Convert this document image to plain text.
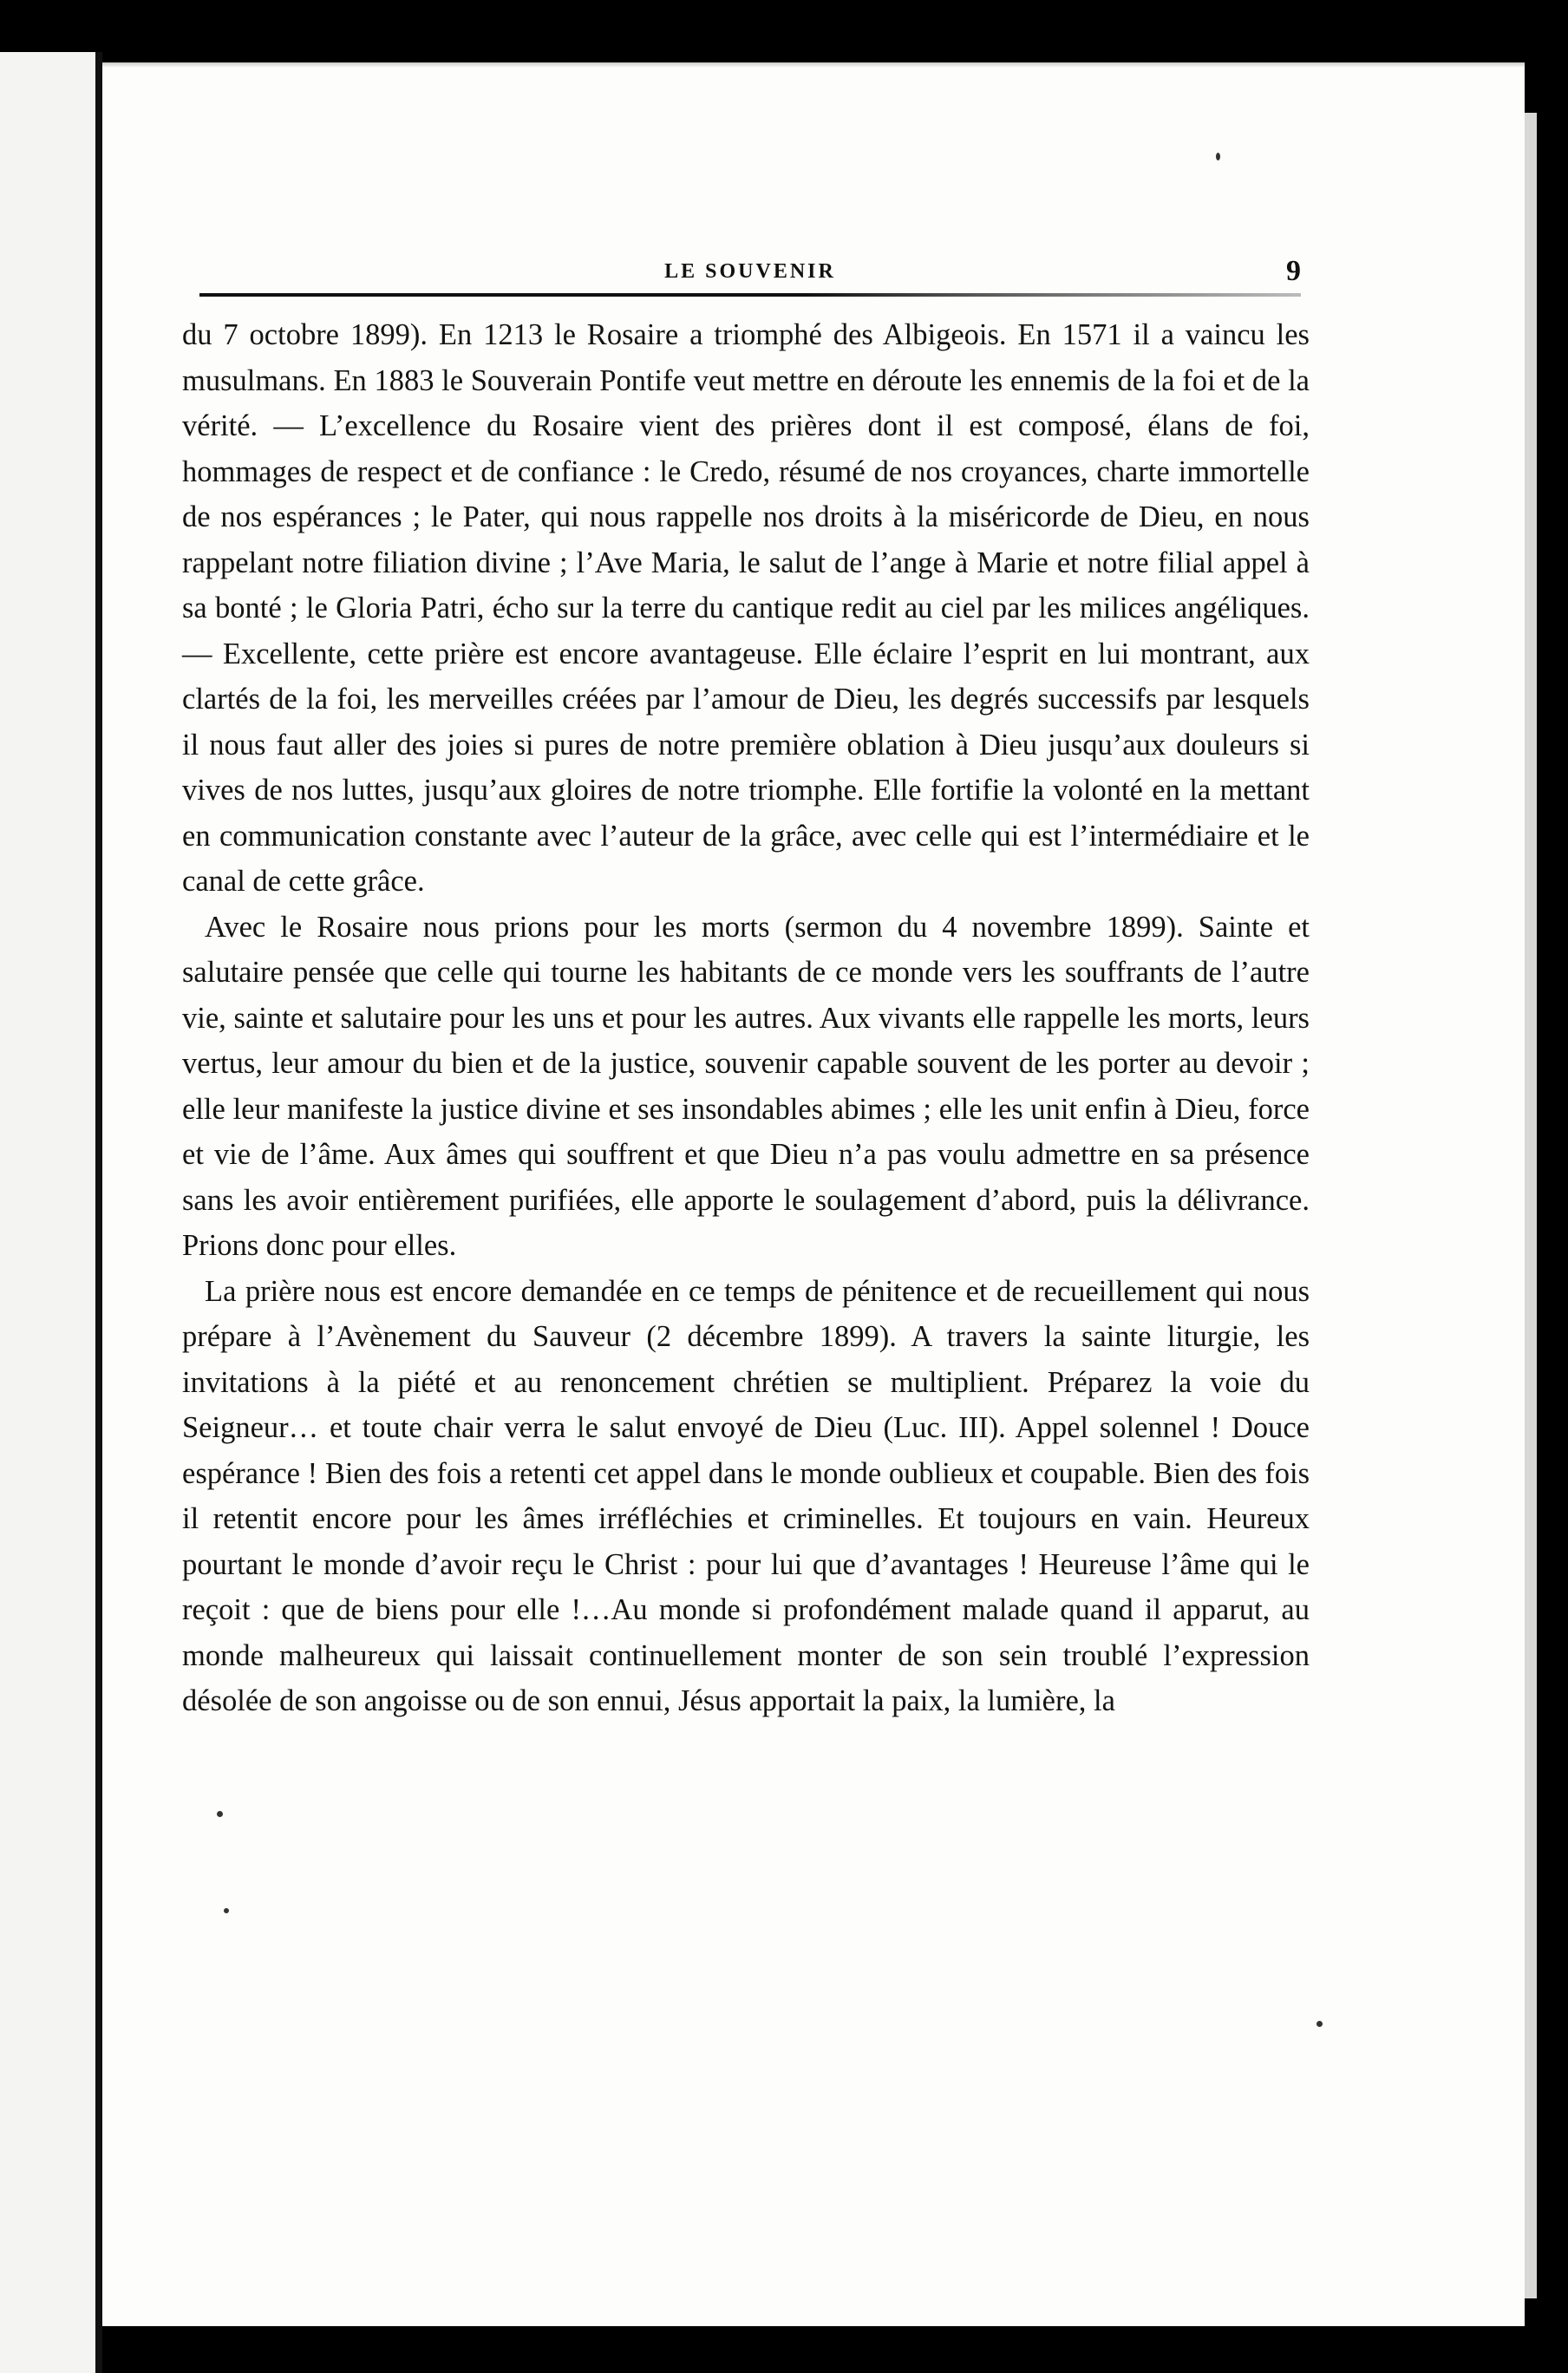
LE SOUVENIR	9

du 7 octobre 1899). En 1213 le Rosaire a triomphé des Albigeois. En 1571 il a vaincu les musulmans. En 1883 le Souverain Pontife veut mettre en déroute les ennemis de la foi et de la vérité. — L’excellence du Rosaire vient des prières dont il est composé, élans de foi, hommages de respect et de confiance : le Credo, résumé de nos croyances, charte immortelle de nos espérances ; le Pater, qui nous rappelle nos droits à la miséricorde de Dieu, en nous rappelant notre filiation divine ; l’Ave Maria, le salut de l’ange à Marie et notre filial appel à sa bonté ; le Gloria Patri, écho sur la terre du cantique redit au ciel par les milices angéliques. — Excellente, cette prière est encore avantageuse. Elle éclaire l’esprit en lui montrant, aux clartés de la foi, les merveilles créées par l’amour de Dieu, les degrés successifs par lesquels il nous faut aller des joies si pures de notre première oblation à Dieu jusqu’aux douleurs si vives de nos luttes, jusqu’aux gloires de notre triomphe. Elle fortifie la volonté en la mettant en communication constante avec l’auteur de la grâce, avec celle qui est l’intermédiaire et le canal de cette grâce.

Avec le Rosaire nous prions pour les morts (sermon du 4 novembre 1899). Sainte et salutaire pensée que celle qui tourne les habitants de ce monde vers les souffrants de l’autre vie, sainte et salutaire pour les uns et pour les autres. Aux vivants elle rappelle les morts, leurs vertus, leur amour du bien et de la justice, souvenir capable souvent de les porter au devoir ; elle leur manifeste la justice divine et ses insondables abimes ; elle les unit enfin à Dieu, force et vie de l’âme. Aux âmes qui souffrent et que Dieu n’a pas voulu admettre en sa présence sans les avoir entièrement purifiées, elle apporte le soulagement d’abord, puis la délivrance. Prions donc pour elles.

La prière nous est encore demandée en ce temps de pénitence et de recueillement qui nous prépare à l’Avènement du Sauveur (2 décembre 1899). A travers la sainte liturgie, les invitations à la piété et au renoncement chrétien se multiplient. Préparez la voie du Seigneur… et toute chair verra le salut envoyé de Dieu (Luc. III). Appel solennel ! Douce espérance ! Bien des fois a retenti cet appel dans le monde oublieux et coupable. Bien des fois il retentit encore pour les âmes irréfléchies et criminelles. Et toujours en vain. Heureux pourtant le monde d’avoir reçu le Christ : pour lui que d’avantages ! Heureuse l’âme qui le reçoit : que de biens pour elle !…Au monde si profondément malade quand il apparut, au monde malheureux qui laissait continuellement monter de son sein troublé l’expression désolée de son angoisse ou de son ennui, Jésus apportait la paix, la lumière, la
